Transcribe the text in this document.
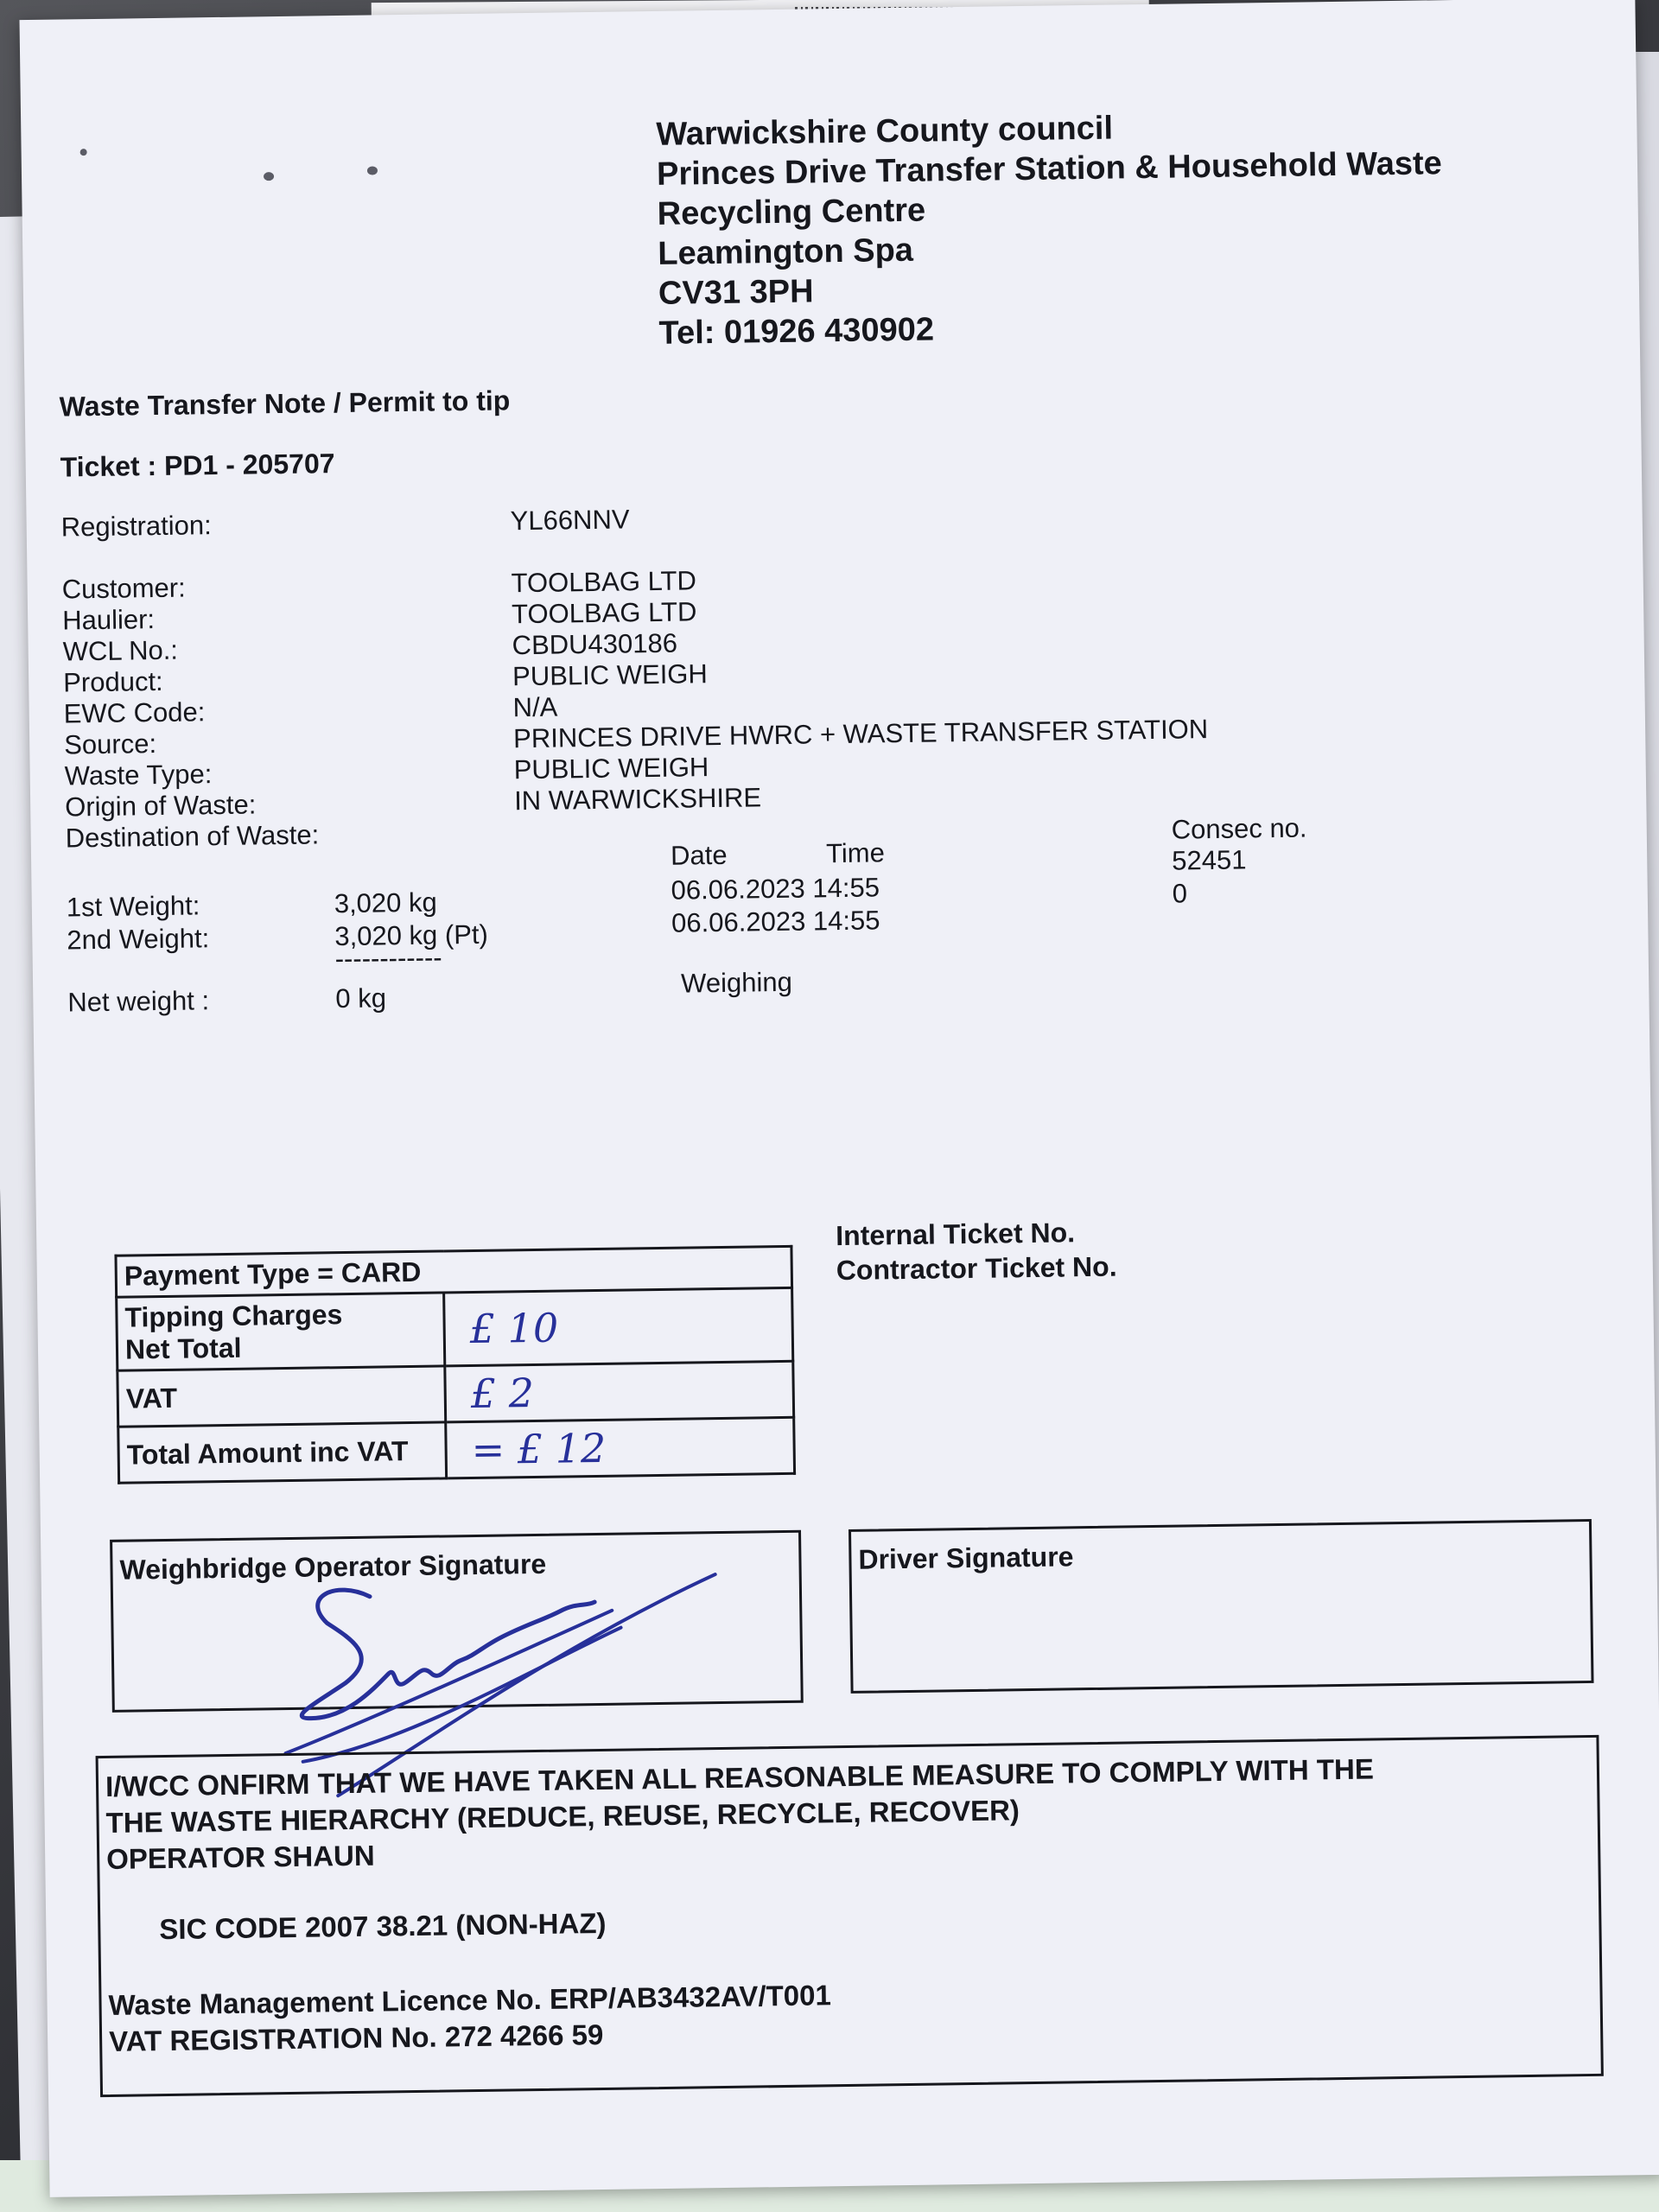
Warwickshire County council
Princes Drive Transfer Station & Household Waste
Recycling Centre
Leamington Spa
CV31 3PH
Tel: 01926 430902
Waste Transfer Note / Permit to tip
Ticket : PD1 - 205707
Registration:	YL66NNV
Customer:	TOOLBAG LTD
Haulier:	TOOLBAG LTD
WCL No.:	CBDU430186
Product:	PUBLIC WEIGH
EWC Code:	N/A
Source:	PRINCES DRIVE HWRC + WASTE TRANSFER STATION
Waste Type:	PUBLIC WEIGH
Origin of Waste:	IN WARWICKSHIRE
Destination of Waste:
Date	Time
Consec no.
52451
0
1st Weight:	3,020 kg	06.06.2023 14:55
2nd Weight:	3,020 kg (Pt)	06.06.2023 14:55
------------
Net weight :	0 kg	Weighing
Payment Type = CARD	

Tipping Charges
Net Total	£ 10
VAT	£ 2
Total Amount inc VAT	= £ 12
Internal Ticket No.
Contractor Ticket No.
Weighbridge Operator Signature	Driver Signature
I/WCC ONFIRM THAT WE HAVE TAKEN ALL REASONABLE MEASURE TO COMPLY WITH THE
THE WASTE HIERARCHY (REDUCE, REUSE, RECYCLE, RECOVER)
OPERATOR SHAUN
SIC CODE 2007 38.21 (NON-HAZ)
Waste Management Licence No. ERP/AB3432AV/T001
VAT REGISTRATION No. 272 4266 59
